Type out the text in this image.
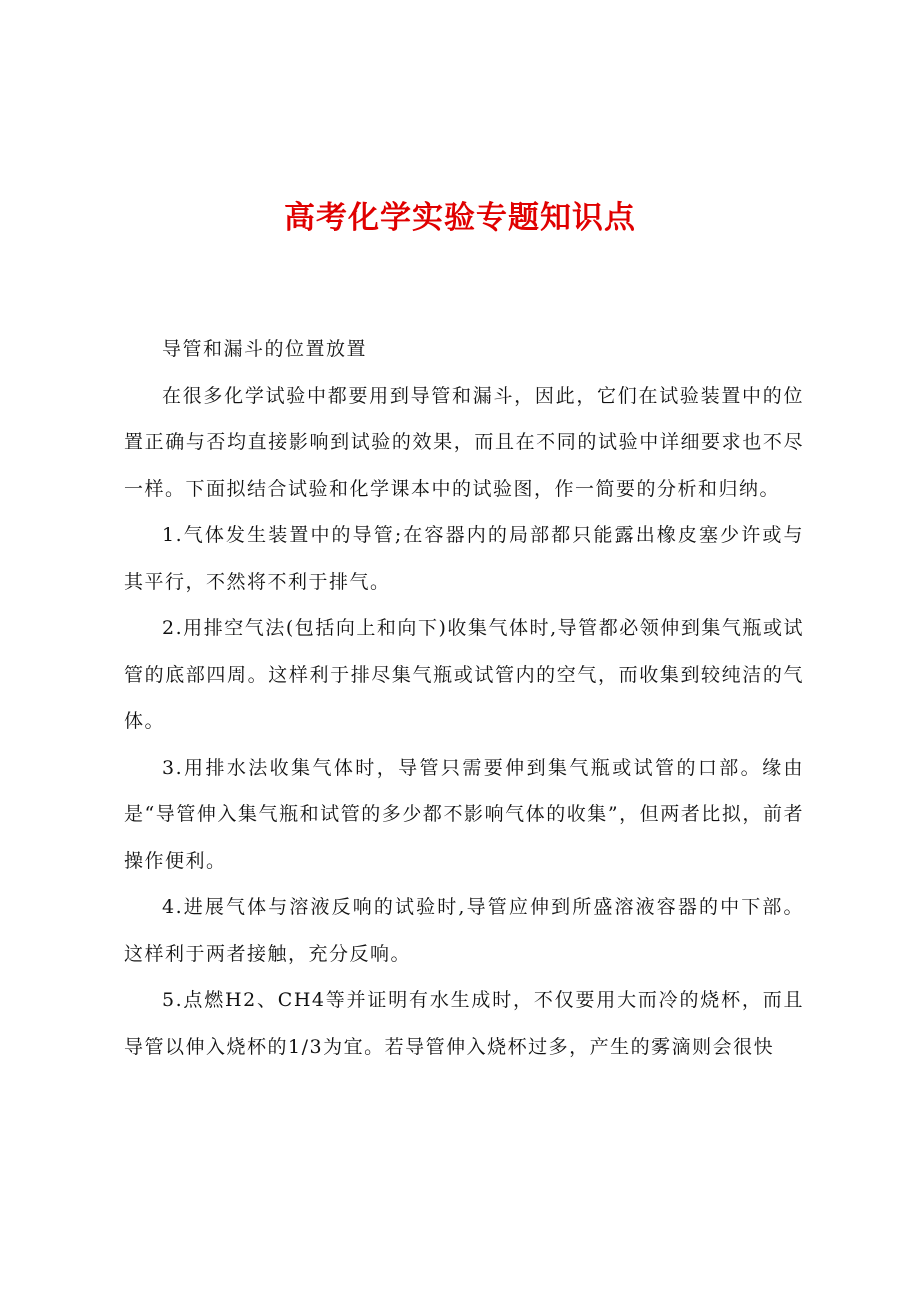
高考化学实验专题知识点

导管和漏斗的位置放置

在很多化学试验中都要用到导管和漏斗，因此，它们在试验装置中的位置正确与否均直接影响到试验的效果，而且在不同的试验中详细要求也不尽一样。下面拟结合试验和化学课本中的试验图，作一简要的分析和归纳。

1.气体发生装置中的导管;在容器内的局部都只能露出橡皮塞少许或与其平行，不然将不利于排气。

2.用排空气法(包括向上和向下)收集气体时,导管都必领伸到集气瓶或试管的底部四周。这样利于排尽集气瓶或试管内的空气，而收集到较纯洁的气体。

3.用排水法收集气体时，导管只需要伸到集气瓶或试管的口部。缘由是“导管伸入集气瓶和试管的多少都不影响气体的收集”，但两者比拟，前者操作便利。

4.进展气体与溶液反响的试验时,导管应伸到所盛溶液容器的中下部。这样利于两者接触，充分反响。

5.点燃H2、CH4等并证明有水生成时，不仅要用大而冷的烧杯，而且导管以伸入烧杯的1/3为宜。若导管伸入烧杯过多，产生的雾滴则会很快
